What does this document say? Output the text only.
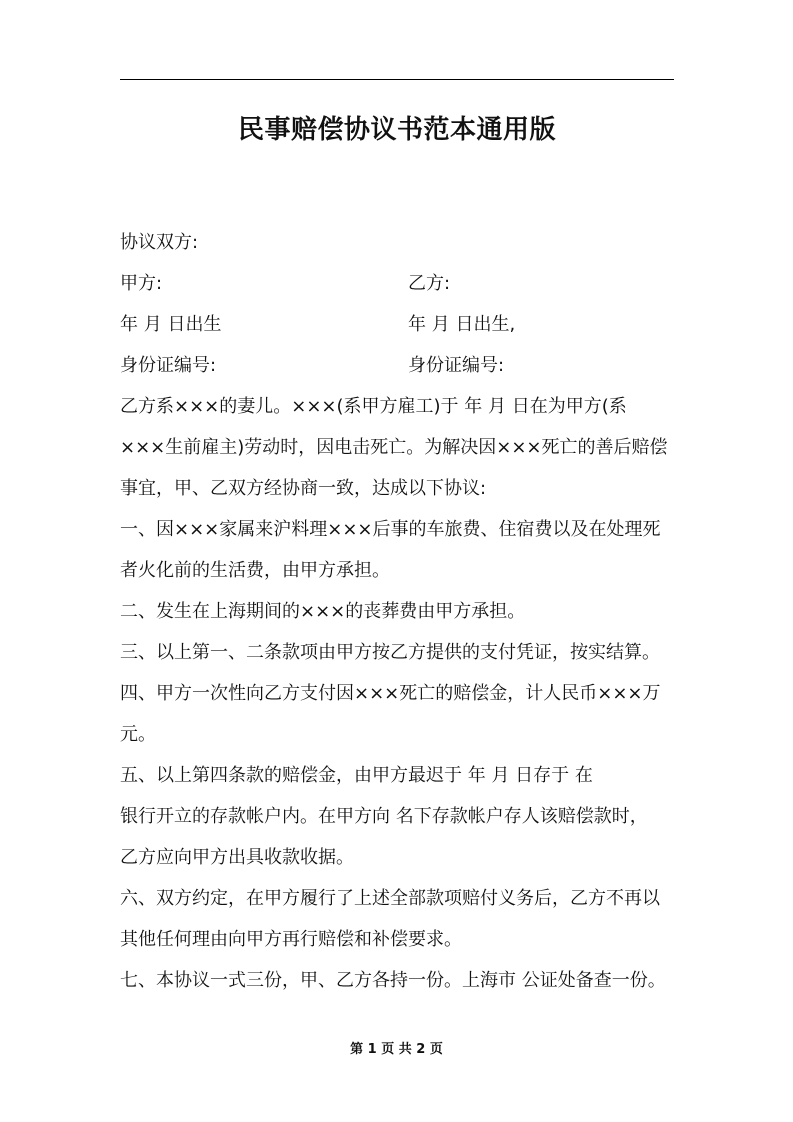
民事赔偿协议书范本通用版
协议双方:
甲方:	乙方:
年 月 日出生	年 月 日出生,
身份证编号:	身份证编号:
乙方系×××的妻儿。×××(系甲方雇工)于 年 月 日在为甲方(系
×××生前雇主)劳动时，因电击死亡。为解决因×××死亡的善后赔偿
事宜，甲、乙双方经协商一致，达成以下协议:
一、因×××家属来沪料理×××后事的车旅费、住宿费以及在处理死
者火化前的生活费，由甲方承担。
二、发生在上海期间的×××的丧葬费由甲方承担。
三、以上第一、二条款项由甲方按乙方提供的支付凭证，按实结算。
四、甲方一次性向乙方支付因×××死亡的赔偿金，计人民币×××万
元。
五、以上第四条款的赔偿金，由甲方最迟于 年 月 日存于 在
银行开立的存款帐户内。在甲方向 名下存款帐户存人该赔偿款时，
乙方应向甲方出具收款收据。
六、双方约定，在甲方履行了上述全部款项赔付义务后，乙方不再以
其他任何理由向甲方再行赔偿和补偿要求。
七、本协议一式三份，甲、乙方各持一份。上海市 公证处备查一份。
第 1 页 共 2 页
